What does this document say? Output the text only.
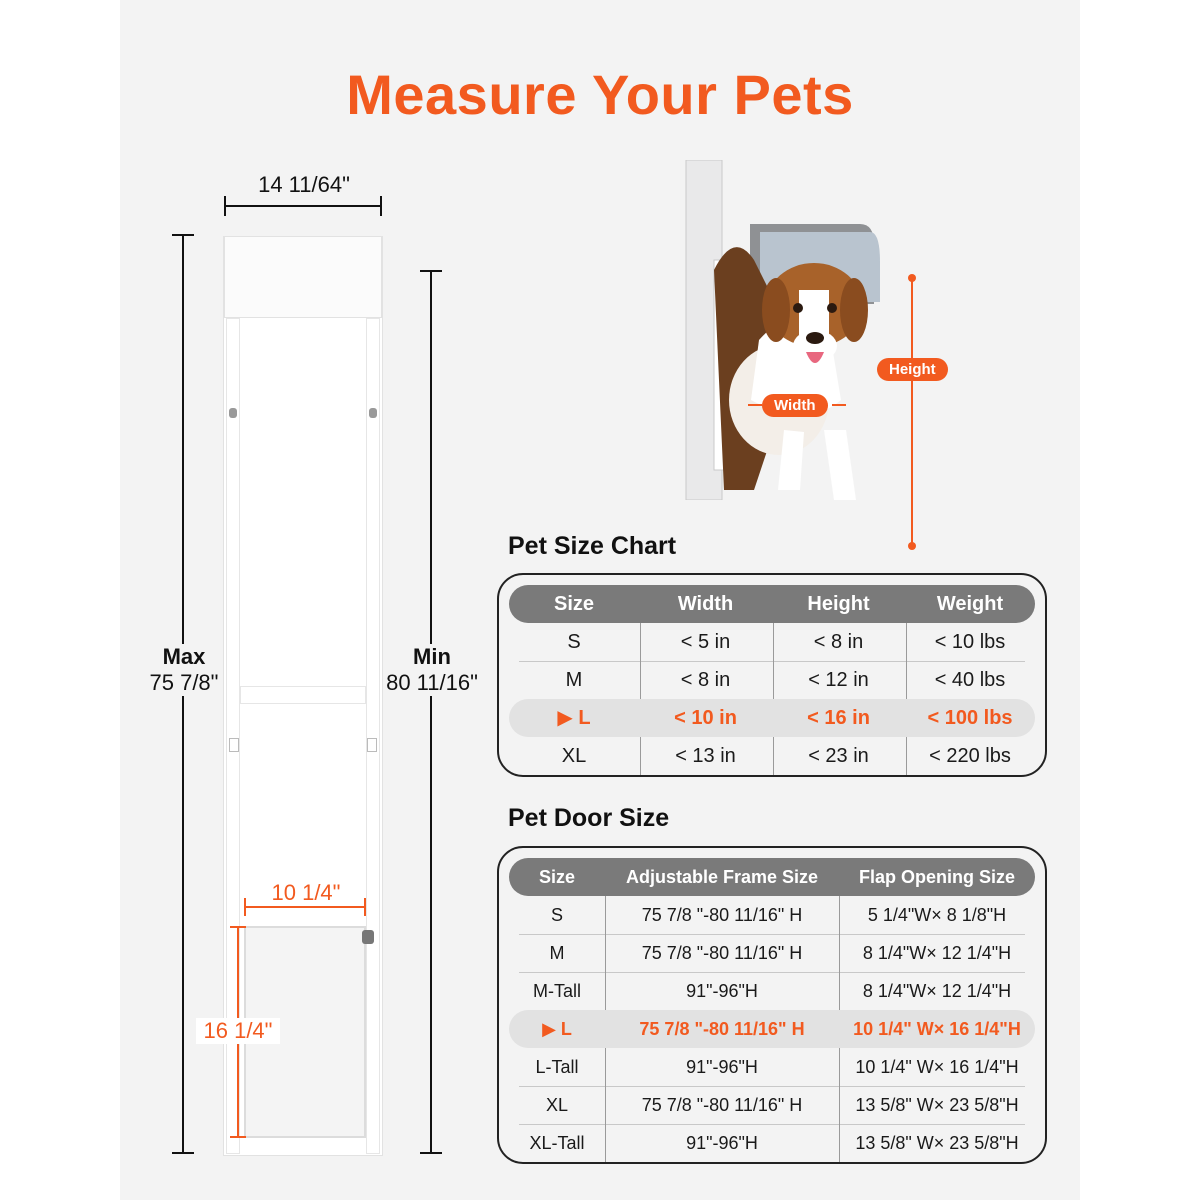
Measure Your Pets
14 11/64"
Max
75 7/8"
Min
80 11/16"
10 1/4"
16 1/4"
Width
Height
Pet Size Chart
Size	Width	Height	Weight
S	< 5 in	< 8 in	< 10 lbs
M	< 8 in	< 12 in	< 40 lbs
▶ L	< 10 in	< 16 in	< 100 lbs
XL	< 13 in	< 23 in	< 220 lbs
Pet Door Size
Size	Adjustable Frame Size	Flap Opening Size
S	75 7/8 "-80 11/16" H	5 1/4"W× 8 1/8"H
M	75 7/8 "-80 11/16" H	8 1/4"W× 12 1/4"H
M-Tall	91"-96"H	8 1/4"W× 12 1/4"H
▶ L	75 7/8 "-80 11/16" H	10 1/4" W× 16 1/4"H
L-Tall	91"-96"H	10 1/4" W× 16 1/4"H
XL	75 7/8 "-80 11/16" H	13 5/8" W× 23 5/8"H
XL-Tall	91"-96"H	13 5/8" W× 23 5/8"H
